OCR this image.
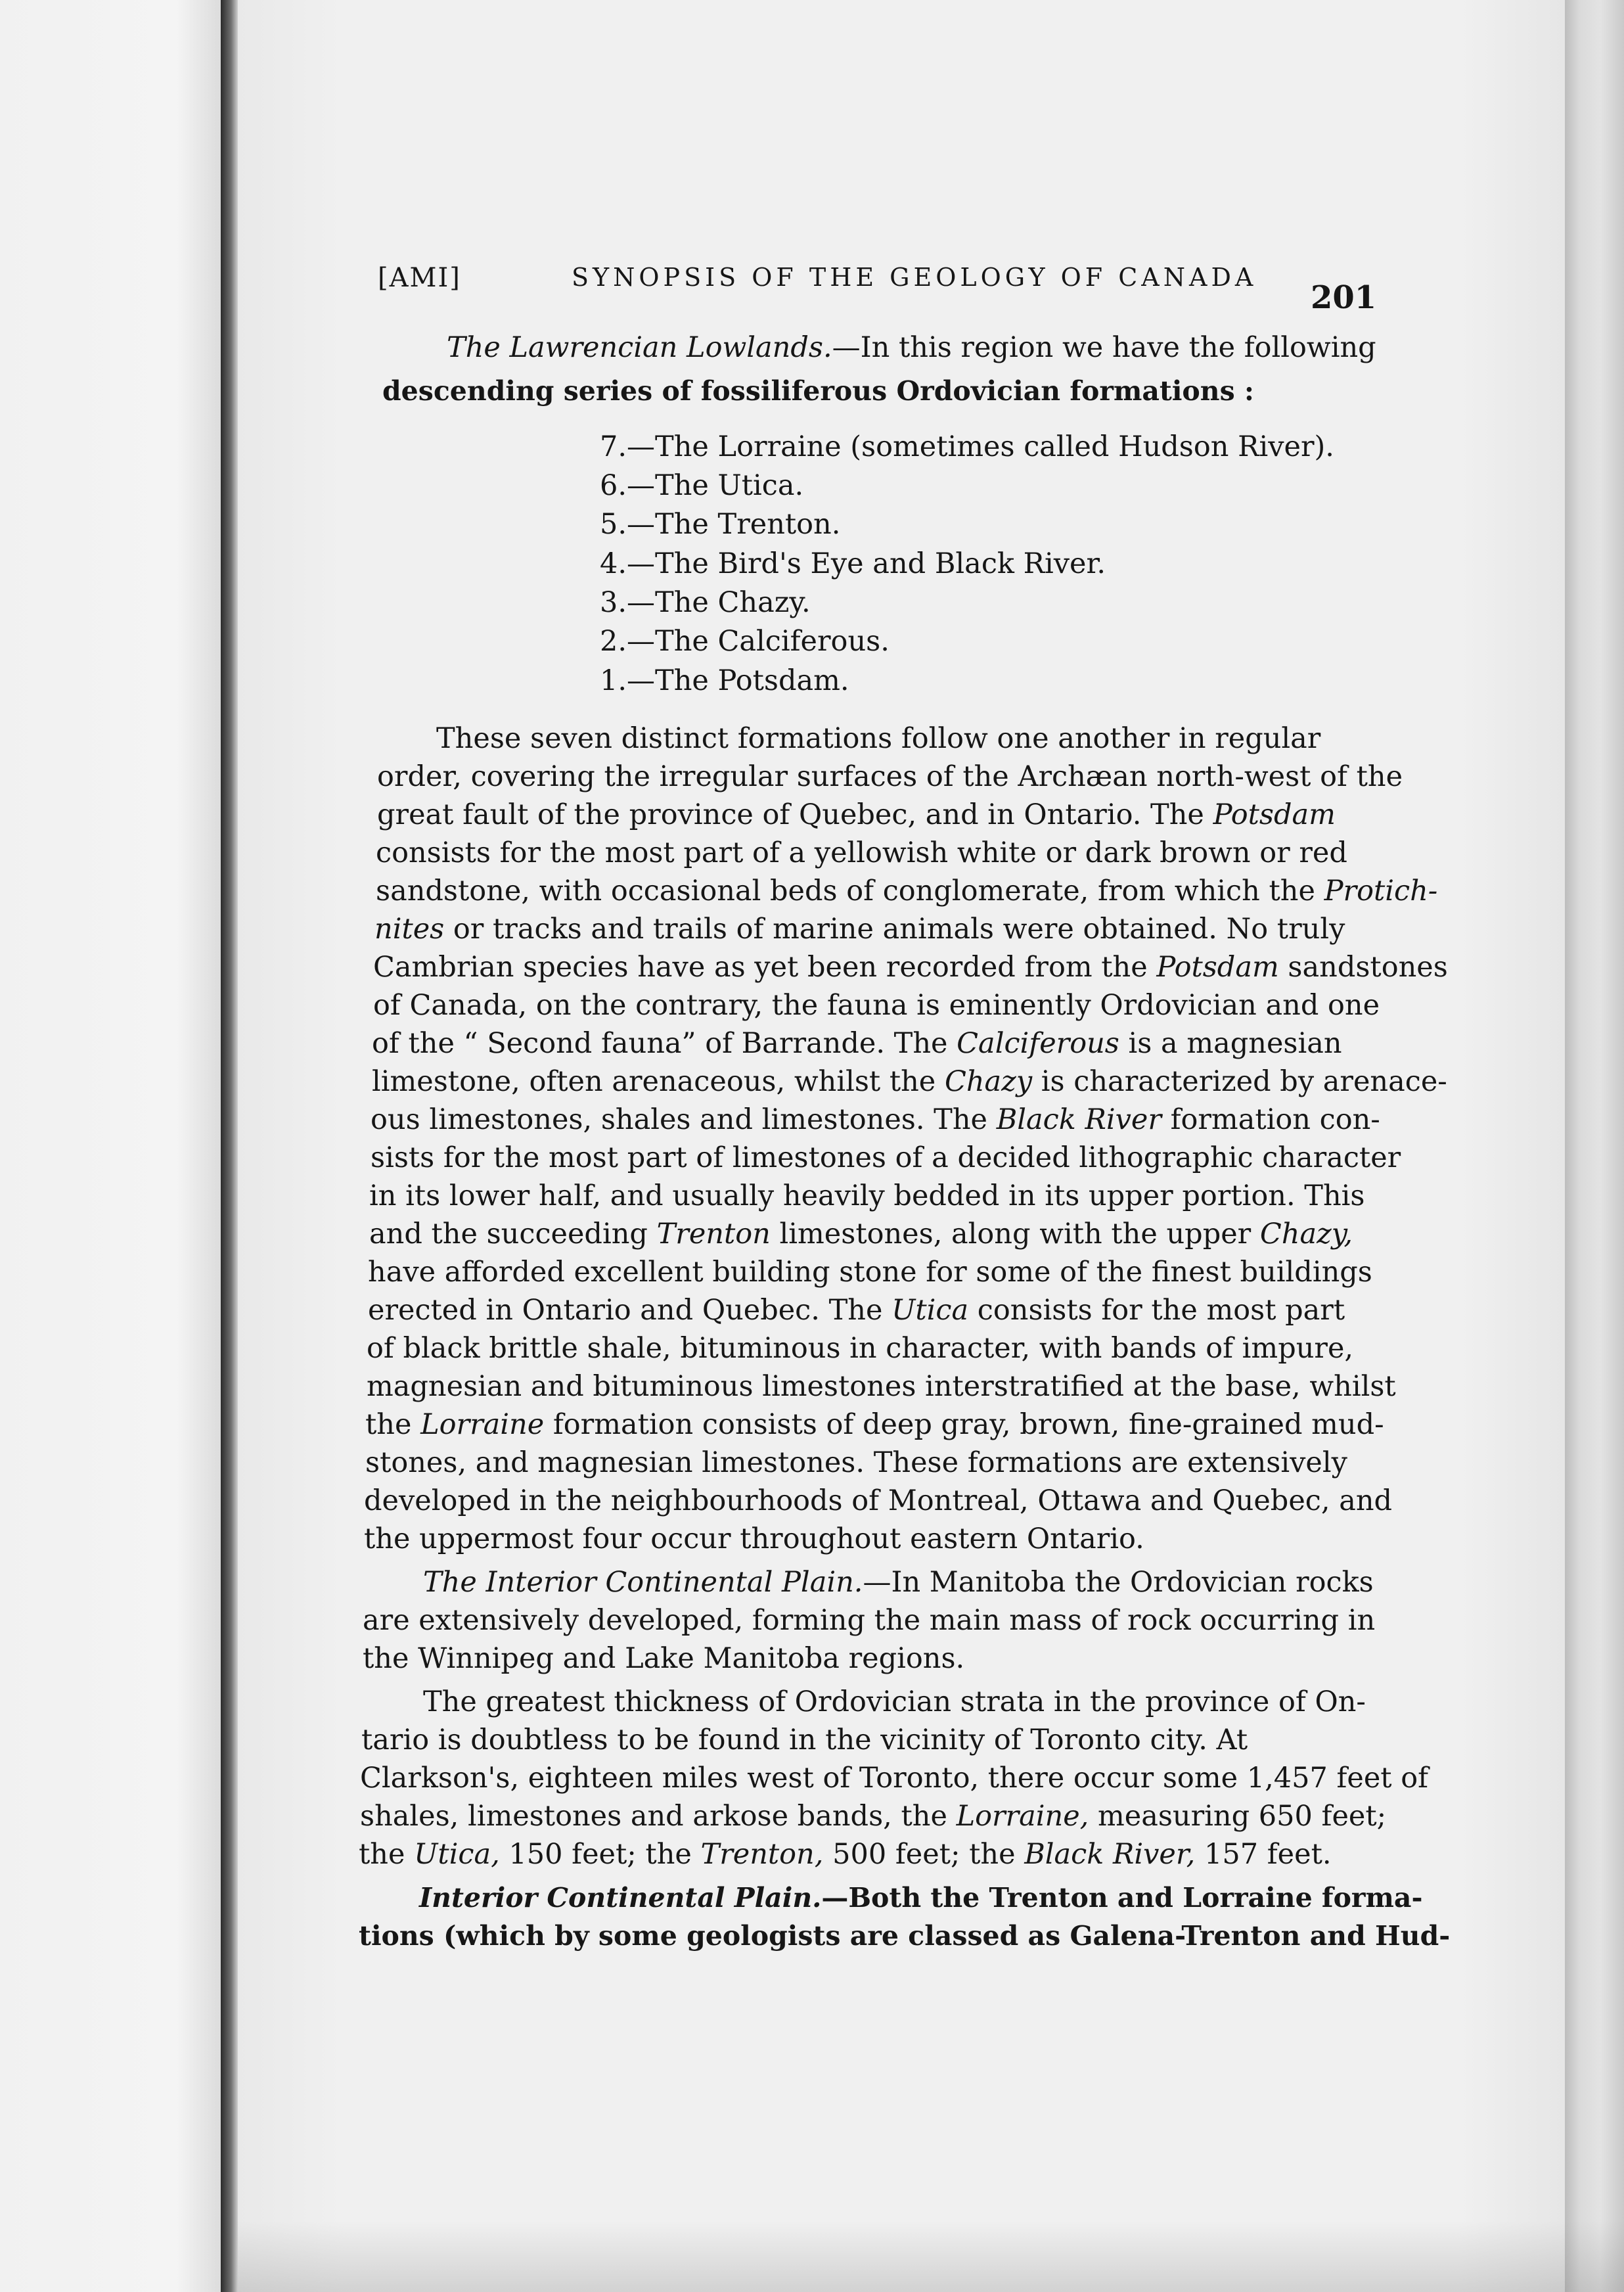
[AMI]	SYNOPSIS OF THE GEOLOGY OF CANADA
201
The Lawrencian Lowlands.—In this region we have the following
descending series of fossiliferous Ordovician formations :
7.—The Lorraine (sometimes called Hudson River).
6.—The Utica.
5.—The Trenton.
4.—The Bird's Eye and Black River.
3.—The Chazy.
2.—The Calciferous.
1.—The Potsdam.
These seven distinct formations follow one another in regular
order, covering the irregular surfaces of the Archæan north-west of the
great fault of the province of Quebec, and in Ontario. The Potsdam
consists for the most part of a yellowish white or dark brown or red
sandstone, with occasional beds of conglomerate, from which the Protich-
nites or tracks and trails of marine animals were obtained. No truly
Cambrian species have as yet been recorded from the Potsdam sandstones
of Canada, on the contrary, the fauna is eminently Ordovician and one
of the “ Second fauna” of Barrande. The Calciferous is a magnesian
limestone, often arenaceous, whilst the Chazy is characterized by arenace-
ous limestones, shales and limestones. The Black River formation con-
sists for the most part of limestones of a decided lithographic character
in its lower half, and usually heavily bedded in its upper portion. This
and the succeeding Trenton limestones, along with the upper Chazy,
have afforded excellent building stone for some of the finest buildings
erected in Ontario and Quebec. The Utica consists for the most part
of black brittle shale, bituminous in character, with bands of impure,
magnesian and bituminous limestones interstratified at the base, whilst
the Lorraine formation consists of deep gray, brown, fine-grained mud-
stones, and magnesian limestones. These formations are extensively
developed in the neighbourhoods of Montreal, Ottawa and Quebec, and
the uppermost four occur throughout eastern Ontario.
The Interior Continental Plain.—In Manitoba the Ordovician rocks
are extensively developed, forming the main mass of rock occurring in
the Winnipeg and Lake Manitoba regions.
The greatest thickness of Ordovician strata in the province of On-
tario is doubtless to be found in the vicinity of Toronto city. At
Clarkson's, eighteen miles west of Toronto, there occur some 1,457 feet of
shales, limestones and arkose bands, the Lorraine, measuring 650 feet;
the Utica, 150 feet; the Trenton, 500 feet; the Black River, 157 feet.
Interior Continental Plain.—Both the Trenton and Lorraine forma-
tions (which by some geologists are classed as Galena-Trenton and Hud-
